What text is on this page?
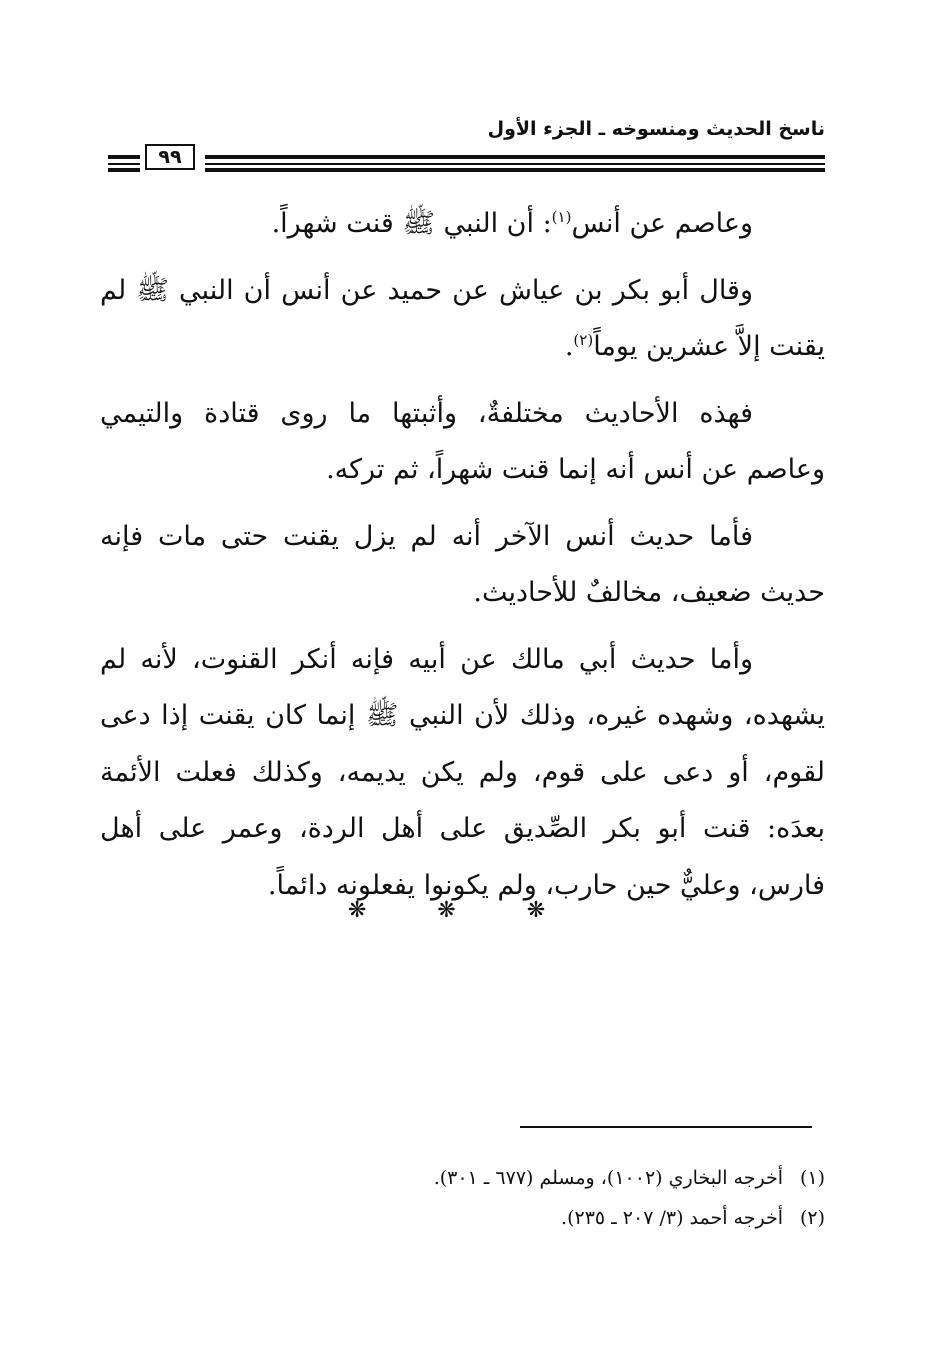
ناسخ الحديث ومنسوخه ـ الجزء الأول
٩٩

وعاصم عن أنس$^{(١)}$: أن النبي ﷺ قنت شهراً.

وقال أبو بكر بن عياش عن حميد عن أنس أن النبي ﷺ لم يقنت إلاَّ عشرين يوماً$^{(٢)}$.

فهذه الأحاديث مختلفةٌ، وأثبتها ما روى قتادة والتيمي وعاصم عن أنس أنه إنما قنت شهراً، ثم تركه.

فأما حديث أنس الآخر أنه لم يزل يقنت حتى مات فإنه حديث ضعيف، مخالفٌ للأحاديث.

وأما حديث أبي مالك عن أبيه فإنه أنكر القنوت، لأنه لم يشهده، وشهده غيره، وذلك لأن النبي ﷺ إنما كان يقنت إذا دعى لقوم، أو دعى على قوم، ولم يكن يديمه، وكذلك فعلت الأئمة بعدَه: قنت أبو بكر الصِّديق على أهل الردة، وعمر على أهل فارس، وعليٌّ حين حارب، ولم يكونوا يفعلونه دائماً.

❋ ❋ ❋
(١)أخرجه البخاري (١٠٠٢)، ومسلم (٦٧٧ ـ ٣٠١).
(٢)أخرجه أحمد (٣/ ٢٠٧ ـ ٢٣٥).
